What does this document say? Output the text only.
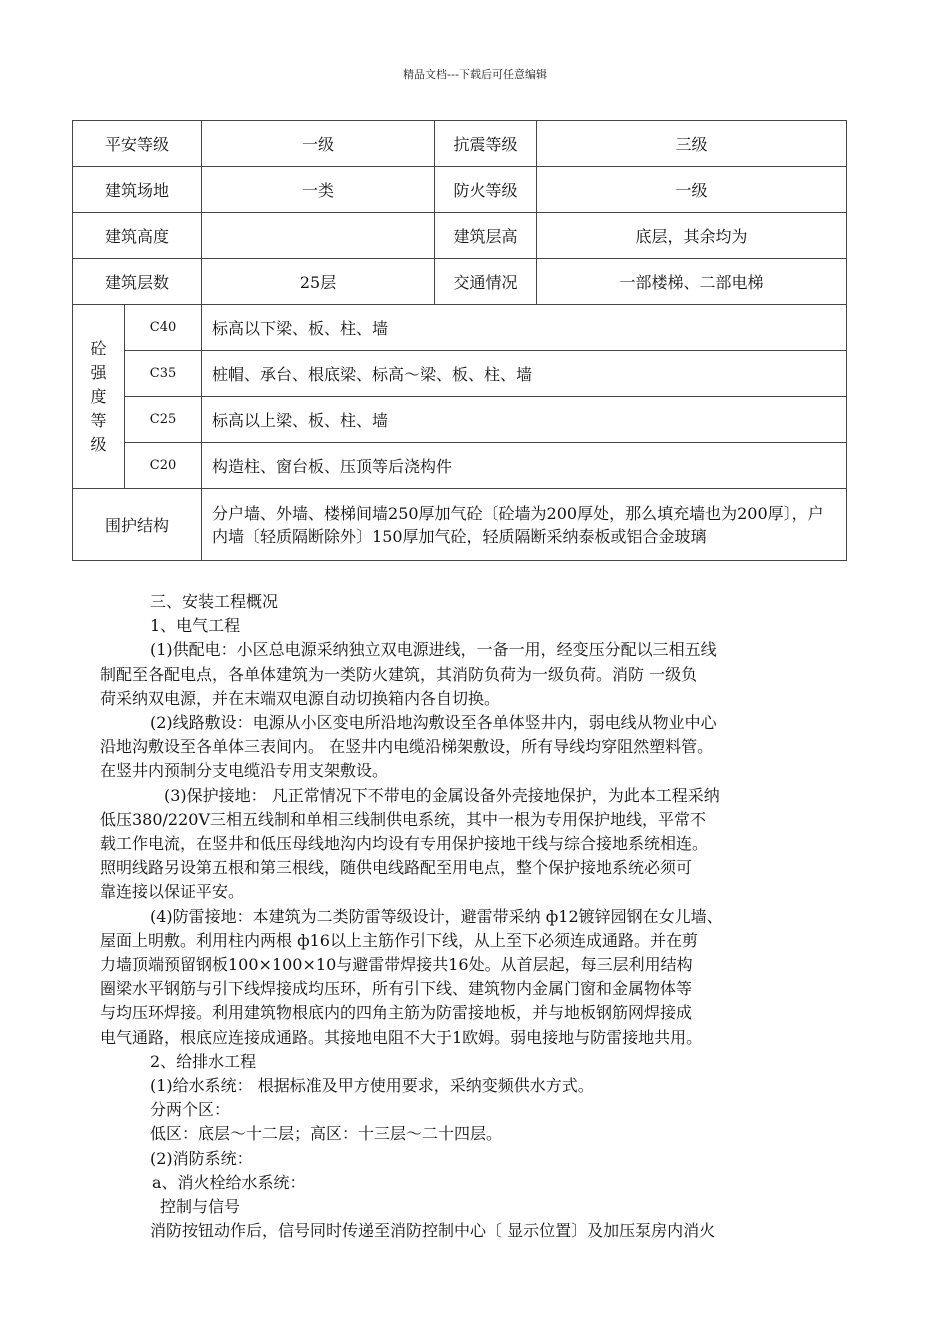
精品文档---下载后可任意编辑
平安等级		一级	抗震等级	三级
建筑场地		一类	防火等级	一级
建筑高度			建筑层高	底层，其余均为
建筑层数		25层	交通情况	一部楼梯、二部电梯

砼
强
度
等
级	C40	标高以下梁、板、柱、墙		
	C35	桩帽、承台、根底梁、标高～梁、板、柱、墙		
	C25	标高以上梁、板、柱、墙		
	C20	构造柱、窗台板、压顶等后浇构件		
围护结构		分户墙、外墙、楼梯间墙250厚加气砼〔砼墙为200厚处，那么填充墙也为200厚〕，户内墙〔轻质隔断除外〕150厚加气砼，轻质隔断采纳泰板或铝合金玻璃		

三、安装工程概况

1、电气工程

(1)供配电：小区总电源采纳独立双电源进线，一备一用，经变压分配以三相五线

制配至各配电点，各单体建筑为一类防火建筑，其消防负荷为一级负荷。消防 一级负

荷采纳双电源，并在末端双电源自动切换箱内各自切换。

(2)线路敷设：电源从小区变电所沿地沟敷设至各单体竖井内，弱电线从物业中心

沿地沟敷设至各单体三表间内。 在竖井内电缆沿梯架敷设，所有导线均穿阻然塑料管。

在竖井内预制分支电缆沿专用支架敷设。

(3)保护接地： 凡正常情况下不带电的金属设备外壳接地保护，为此本工程采纳

低压380/220V三相五线制和单相三线制供电系统，其中一根为专用保护地线，平常不

载工作电流，在竖井和低压母线地沟内均设有专用保护接地干线与综合接地系统相连。

照明线路另设第五根和第三根线，随供电线路配至用电点，整个保护接地系统必须可

靠连接以保证平安。

(4)防雷接地：本建筑为二类防雷等级设计，避雷带采纳 ф12镀锌园钢在女儿墙、

屋面上明敷。利用柱内两根 ф16以上主筋作引下线，从上至下必须连成通路。并在剪

力墙顶端预留钢板100×100×10与避雷带焊接共16处。从首层起，每三层利用结构

圈梁水平钢筋与引下线焊接成均压环，所有引下线、建筑物内金属门窗和金属物体等

与均压环焊接。利用建筑物根底内的四角主筋为防雷接地板，并与地板钢筋网焊接成

电气通路，根底应连接成通路。其接地电阻不大于1欧姆。弱电接地与防雷接地共用。

2、给排水工程

(1)给水系统： 根据标准及甲方使用要求，采纳变频供水方式。

分两个区：

低区：底层～十二层；高区：十三层～二十四层。

(2)消防系统：

a、消火栓给水系统：

控制与信号

消防按钮动作后，信号同时传递至消防控制中心〔 显示位置〕及加压泵房内消火
